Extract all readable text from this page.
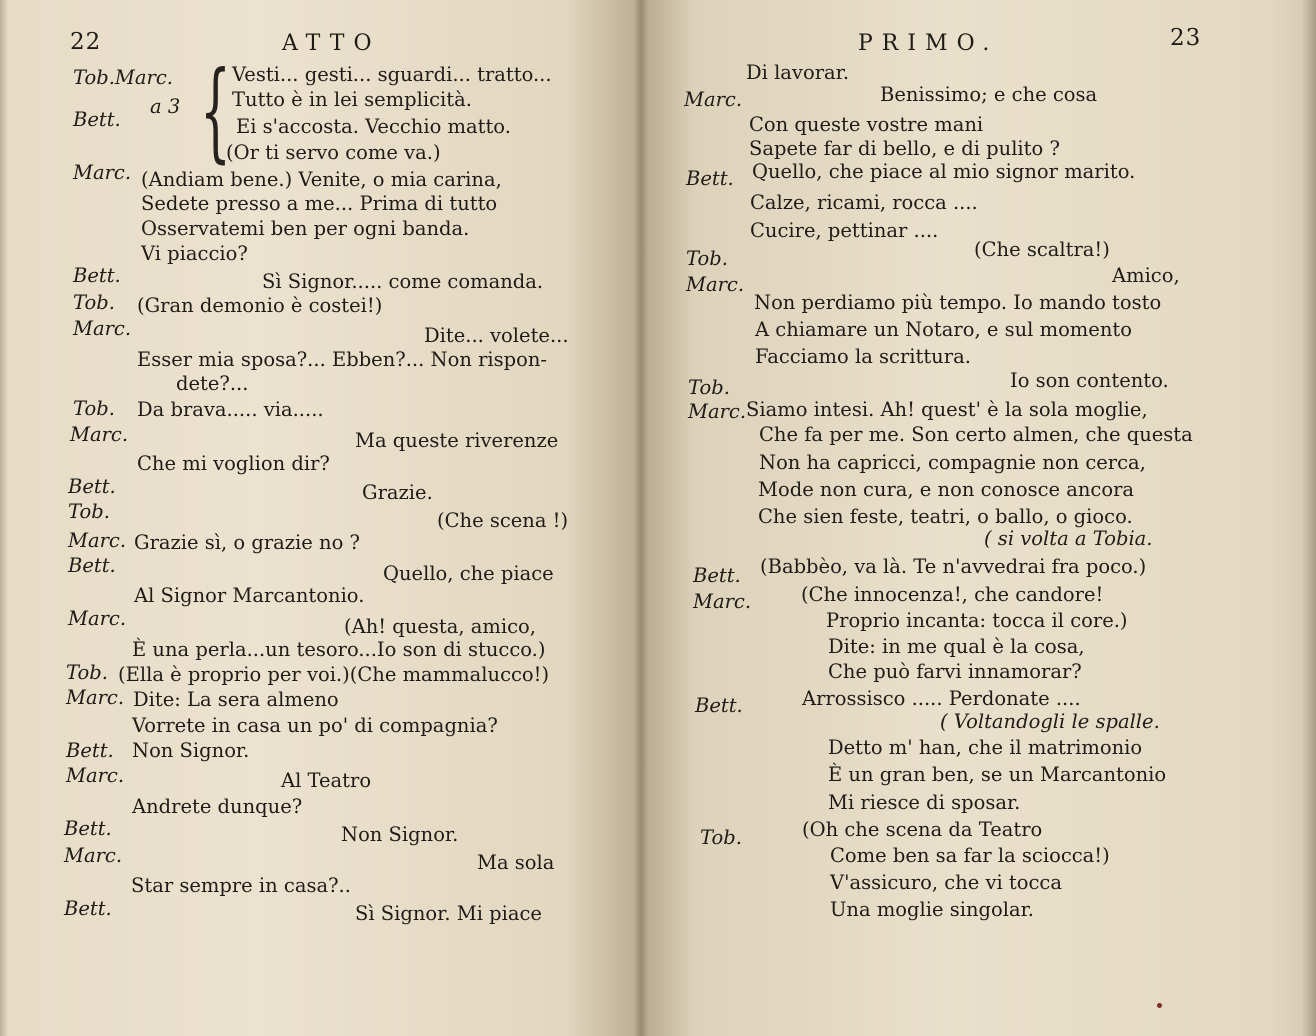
22	ATTO
Tob.Marc.
a 3 { Vesti... gesti... sguardi... tratto...
Tutto è in lei semplicità.
Bett.	Ei s'accosta. Vecchio matto.
(Or ti servo come va.)
Marc. (Andiam bene.) Venite, o mia carina,
Sedete presso a me... Prima di tutto
Osservatemi ben per ogni banda.
Vi piaccio?
Bett.	Sì Signor..... come comanda.
Tob. (Gran demonio è costei!)
Marc.	Dite... volete...
Esser mia sposa?... Ebben?... Non rispon-
dete?...
Tob. Da brava..... via.....
Marc.	Ma queste riverenze
Che mi voglion dir?
Bett.	Grazie.
Tob.	(Che scena !)
Marc. Grazie sì, o grazie no ?
Bett.	Quello, che piace
Al Signor Marcantonio.
Marc.	(Ah! questa, amico,
È una perla...un tesoro...Io son di stucco.)
Tob. (Ella è proprio per voi.)(Che mammalucco!)
Marc. Dite: La sera almeno
Vorrete in casa un po' di compagnia?
Bett. Non Signor.
Marc.	Al Teatro
Andrete dunque?
Bett.	Non Signor.
Marc.	Ma sola
Star sempre in casa?..
Bett.	Sì Signor. Mi piace
PRIMO.	23
Di lavorar.
Marc.	Benissimo; e che cosa
Con queste vostre mani
Sapete far di bello, e di pulito ?
Bett. Quello, che piace al mio signor marito.
Calze, ricami, rocca ....
Cucire, pettinar ....
Tob.	(Che scaltra!)
Marc.	Amico,
Non perdiamo più tempo. Io mando tosto
A chiamare un Notaro, e sul momento
Facciamo la scrittura.
Tob.	Io son contento.
Marc. Siamo intesi. Ah! quest' è la sola moglie,
Che fa per me. Son certo almen, che questa
Non ha capricci, compagnie non cerca,
Mode non cura, e non conosce ancora
Che sien feste, teatri, o ballo, o gioco.
( si volta a Tobia.
Bett. (Babbèo, va là. Te n'avvedrai fra poco.)
Marc.	(Che innocenza!, che candore!
Proprio incanta: tocca il core.)
Dite: in me qual è la cosa,
Che può farvi innamorar?
Bett.	Arrossisco ..... Perdonate ....
( Voltandogli le spalle.
Detto m' han, che il matrimonio
È un gran ben, se un Marcantonio
Mi riesce di sposar.
Tob.	(Oh che scena da Teatro
Come ben sa far la sciocca!)
V'assicuro, che vi tocca
Una moglie singolar.
